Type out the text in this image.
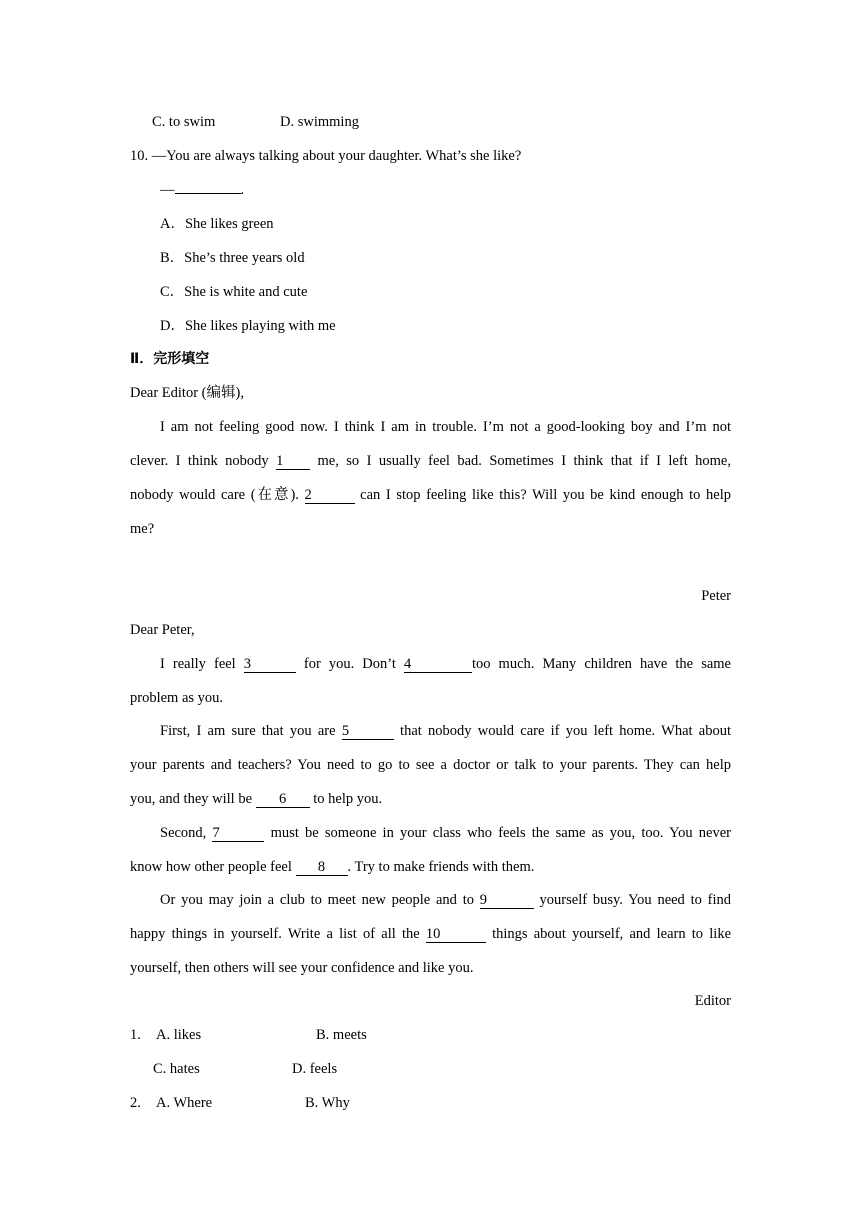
C. to swim	D. swimming
10. —You are always talking about your daughter. What’s she like?
—	.
A．She likes green
B．She’s three years old
C．She is white and cute
D．She likes playing with me
Ⅱ．完形填空
Dear Editor (编辑),
I am not feeling good now. I think I am in trouble. I’m not a good-looking boy and I’m not
clever. I think nobody 1 me, so I usually feel bad. Sometimes I think that if I left home,
nobody would care (在意). 2	can I stop feeling like this? Will you be kind enough to help
me?
Peter
Dear Peter,
I really feel 3	for you. Don’t 4	too much. Many children have the same
problem as you.
First, I am sure that you are 5	that nobody would care if you left home. What about
your parents and teachers? You need to go to see a doctor or talk to your parents. They can help
you, and they will be 6 to help you.
Second, 7	must be someone in your class who feels the same as you, too. You never
know how other people feel 8 . Try to make friends with them.
Or you may join a club to meet new people and to 9	yourself busy. You need to find
happy things in yourself. Write a list of all the 10	things about yourself, and learn to like
yourself, then others will see your confidence and like you.
Editor
1. A. likes	B. meets
C. hates	D. feels
2. A. Where	B. Why
